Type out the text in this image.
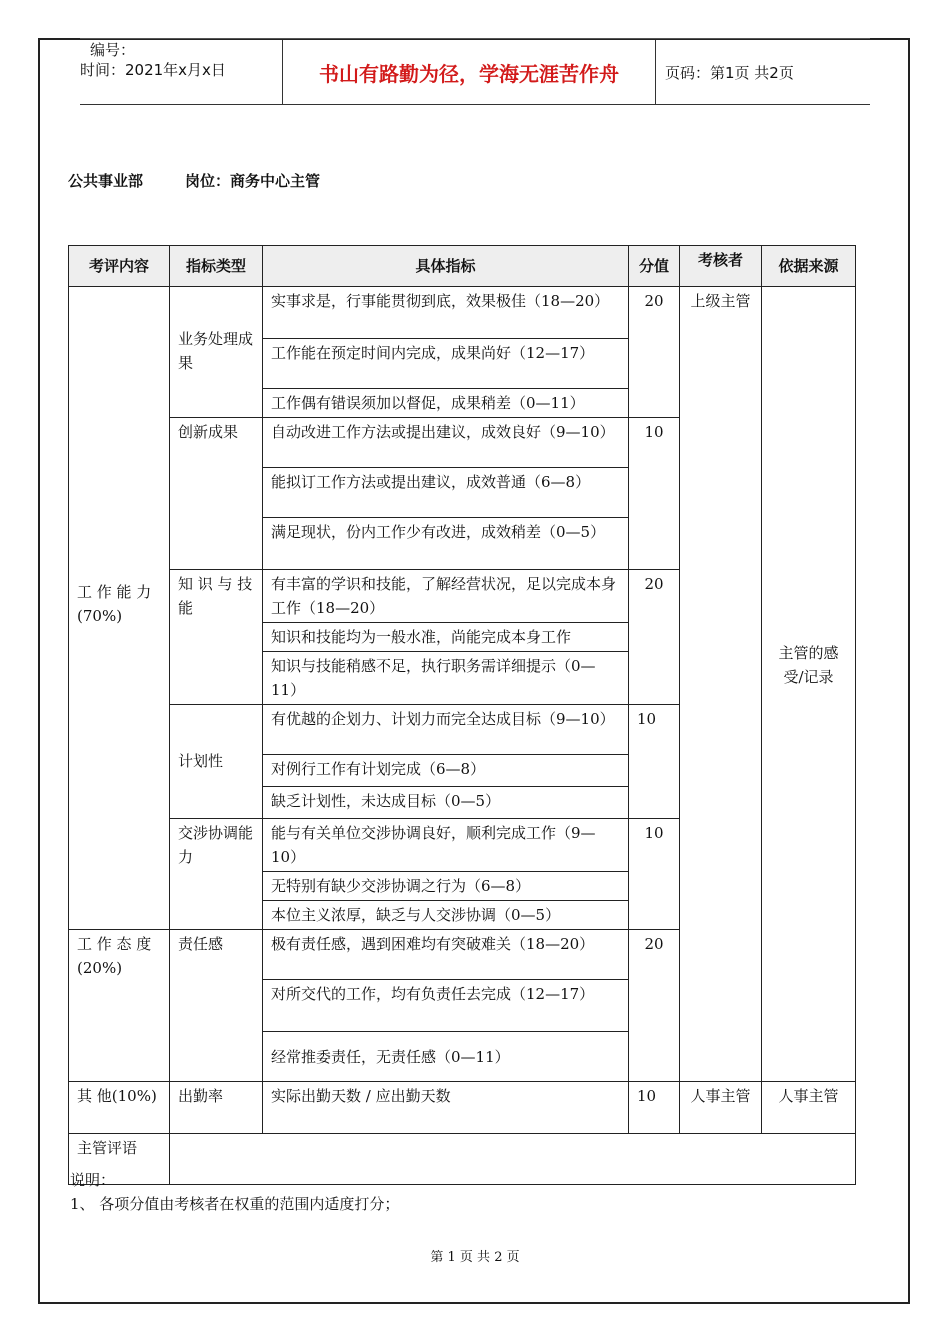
编号：
时间：2021年x月x日	书山有路勤为径，学海无涯苦作舟	页码：第1页 共2页
公共事业部	岗位：商务中心主管
考评内容	指标类型	具体指标	分值	考核者	依据来源

工 作 能 力(70%)	业务处理成果	实事求是，行事能贯彻到底，效果极佳（18—20）	20	上级主管	主管的感受/记录
		工作能在预定时间内完成，成果尚好（12—17）			
		工作偶有错误须加以督促，成果稍差（0—11）			
	创新成果	自动改进工作方法或提出建议，成效良好（9—10）	10		
		能拟订工作方法或提出建议，成效普通（6—8）			
		满足现状，份内工作少有改进，成效稍差（0—5）			

	知 识 与 技能	有丰富的学识和技能，了解经营状况，足以完成本身工作（18—20）	20		
		知识和技能均为一般水准，尚能完成本身工作			
		知识与技能稍感不足，执行职务需详细提示（0—11）			
	计划性	有优越的企划力、计划力而完全达成目标（9—10）	10		
		对例行工作有计划完成（6—8）			
		缺乏计划性，未达成目标（0—5）			

	交涉协调能力	能与有关单位交涉协调良好，顺利完成工作（9—10）	10		
		无特别有缺少交涉协调之行为（6—8）			
		本位主义浓厚，缺乏与人交涉协调（0—5）			

工 作 态 度(20%)	责任感	极有责任感，遇到困难均有突破难关（18—20）	20		
		对所交代的工作，均有负责任去完成（12—17）			
		经常推委责任，无责任感（0—11）			

其 他(10%)	出勤率	实际出勤天数 / 应出勤天数	10	人事主管	人事主管
主管评语					
说明：
1、 各项分值由考核者在权重的范围内适度打分；
第 1 页 共 2 页
